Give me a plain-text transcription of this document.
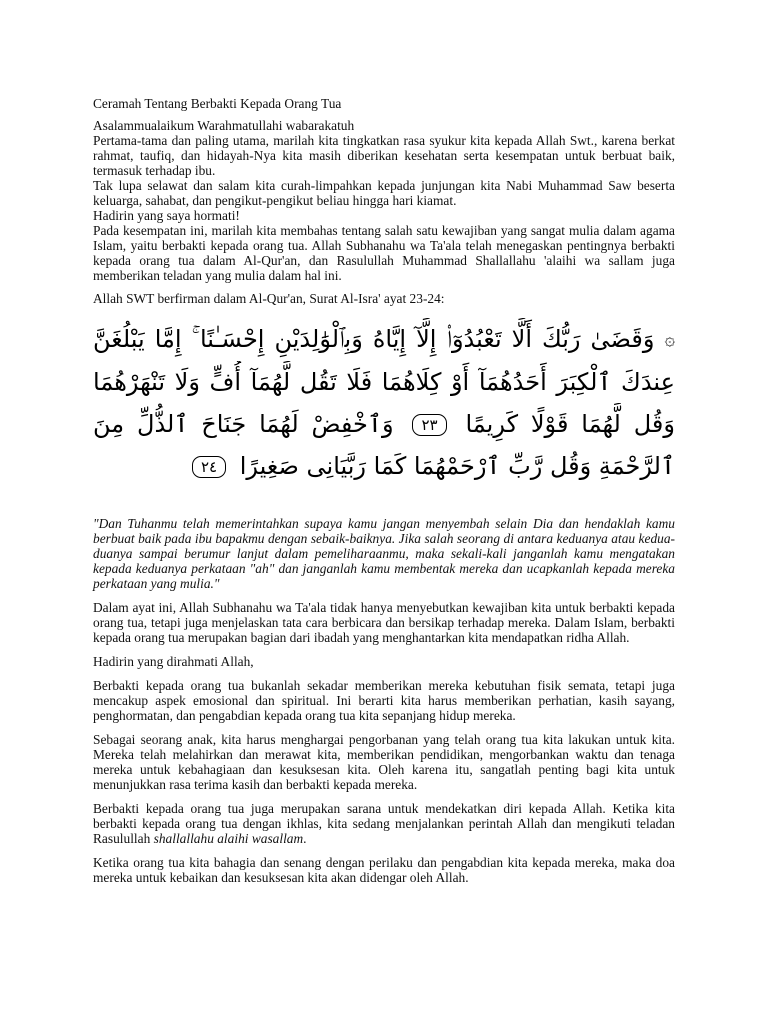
Ceramah Tentang Berbakti Kepada Orang Tua

Asalammualaikum Warahmatullahi wabarakatuh

Pertama-tama dan paling utama, marilah kita tingkatkan rasa syukur kita kepada Allah Swt., karena berkat rahmat, taufiq, dan hidayah-Nya kita masih diberikan kesehatan serta kesempatan untuk berbuat baik, termasuk terhadap ibu.

Tak lupa selawat dan salam kita curah-limpahkan kepada junjungan kita Nabi Muhammad Saw beserta keluarga, sahabat, dan pengikut-pengikut beliau hingga hari kiamat.

Hadirin yang saya hormati!

Pada kesempatan ini, marilah kita membahas tentang salah satu kewajiban yang sangat mulia dalam agama Islam, yaitu berbakti kepada orang tua. Allah Subhanahu wa Ta'ala telah menegaskan pentingnya berbakti kepada orang tua dalam Al-Qur'an, dan Rasulullah Muhammad Shallallahu 'alaihi wa sallam juga memberikan teladan yang mulia dalam hal ini.

Allah SWT berfirman dalam Al-Qur'an, Surat Al-Isra' ayat 23-24:

۞ وَقَضَىٰ رَبُّكَ أَلَّا تَعْبُدُوٓا۟ إِلَّآ إِيَّاهُ وَبِٱلْوَٰلِدَيْنِ إِحْسَـٰنًا ۚ إِمَّا يَبْلُغَنَّ
عِندَكَ ٱلْكِبَرَ أَحَدُهُمَآ أَوْ كِلَاهُمَا فَلَا تَقُل لَّهُمَآ أُفٍّ وَلَا تَنْهَرْهُمَا
وَقُل لَّهُمَا قَوْلًا كَرِيمًا ٢٣ وَٱخْفِضْ لَهُمَا جَنَاحَ ٱلذُّلِّ مِنَ
ٱلرَّحْمَةِ وَقُل رَّبِّ ٱرْحَمْهُمَا كَمَا رَبَّيَانِى صَغِيرًا ٢٤

"Dan Tuhanmu telah memerintahkan supaya kamu jangan menyembah selain Dia dan hendaklah kamu berbuat baik pada ibu bapakmu dengan sebaik-baiknya. Jika salah seorang di antara keduanya atau kedua-duanya sampai berumur lanjut dalam pemeliharaanmu, maka sekali-kali janganlah kamu mengatakan kepada keduanya perkataan "ah" dan janganlah kamu membentak mereka dan ucapkanlah kepada mereka perkataan yang mulia."

Dalam ayat ini, Allah Subhanahu wa Ta'ala tidak hanya menyebutkan kewajiban kita untuk berbakti kepada orang tua, tetapi juga menjelaskan tata cara berbicara dan bersikap terhadap mereka. Dalam Islam, berbakti kepada orang tua merupakan bagian dari ibadah yang menghantarkan kita mendapatkan ridha Allah.

Hadirin yang dirahmati Allah,

Berbakti kepada orang tua bukanlah sekadar memberikan mereka kebutuhan fisik semata, tetapi juga mencakup aspek emosional dan spiritual. Ini berarti kita harus memberikan perhatian, kasih sayang, penghormatan, dan pengabdian kepada orang tua kita sepanjang hidup mereka.

Sebagai seorang anak, kita harus menghargai pengorbanan yang telah orang tua kita lakukan untuk kita. Mereka telah melahirkan dan merawat kita, memberikan pendidikan, mengorbankan waktu dan tenaga mereka untuk kebahagiaan dan kesuksesan kita. Oleh karena itu, sangatlah penting bagi kita untuk menunjukkan rasa terima kasih dan berbakti kepada mereka.

Berbakti kepada orang tua juga merupakan sarana untuk mendekatkan diri kepada Allah. Ketika kita berbakti kepada orang tua dengan ikhlas, kita sedang menjalankan perintah Allah dan mengikuti teladan Rasulullah shallallahu alaihi wasallam.

Ketika orang tua kita bahagia dan senang dengan perilaku dan pengabdian kita kepada mereka, maka doa mereka untuk kebaikan dan kesuksesan kita akan didengar oleh Allah.
